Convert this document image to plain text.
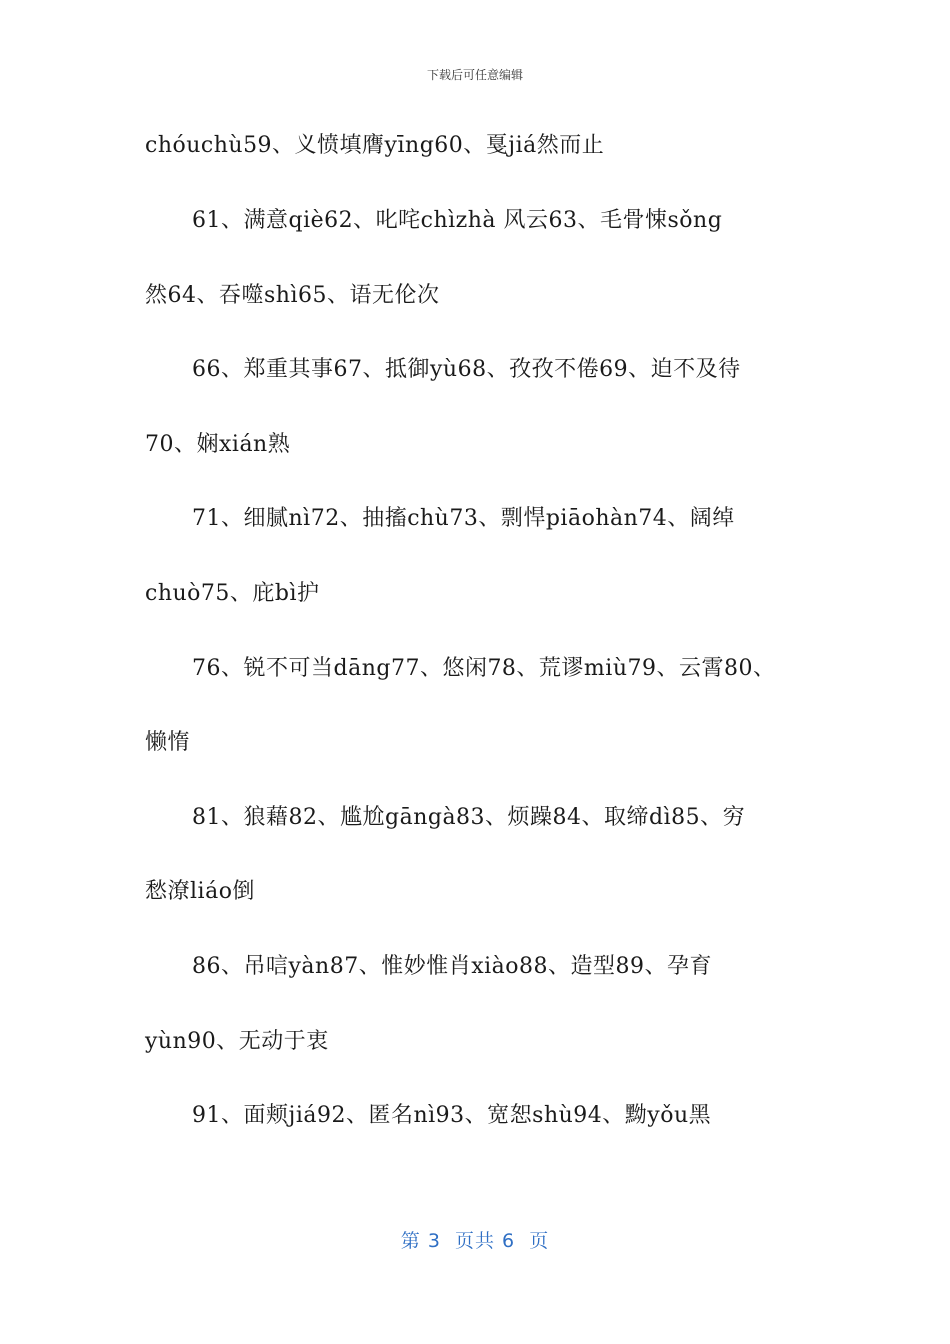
下载后可任意编辑
chóuchù59、义愤填膺yīng60、戛jiá然而止
61、满意qiè62、叱咤chìzhà 风云63、毛骨悚sǒng
然64、吞噬shì65、语无伦次
66、郑重其事67、抵御yù68、孜孜不倦69、迫不及待
70、娴xián熟
71、细腻nì72、抽搐chù73、剽悍piāohàn74、阔绰
chuò75、庇bì护
76、锐不可当dāng77、悠闲78、荒谬miù79、云霄80、
懒惰
81、狼藉82、尴尬gāngà83、烦躁84、取缔dì85、穷
愁潦liáo倒
86、吊唁yàn87、惟妙惟肖xiào88、造型89、孕育
yùn90、无动于衷
91、面颊jiá92、匿名nì93、宽恕shù94、黝yǒu黑
第 3  页共 6  页
